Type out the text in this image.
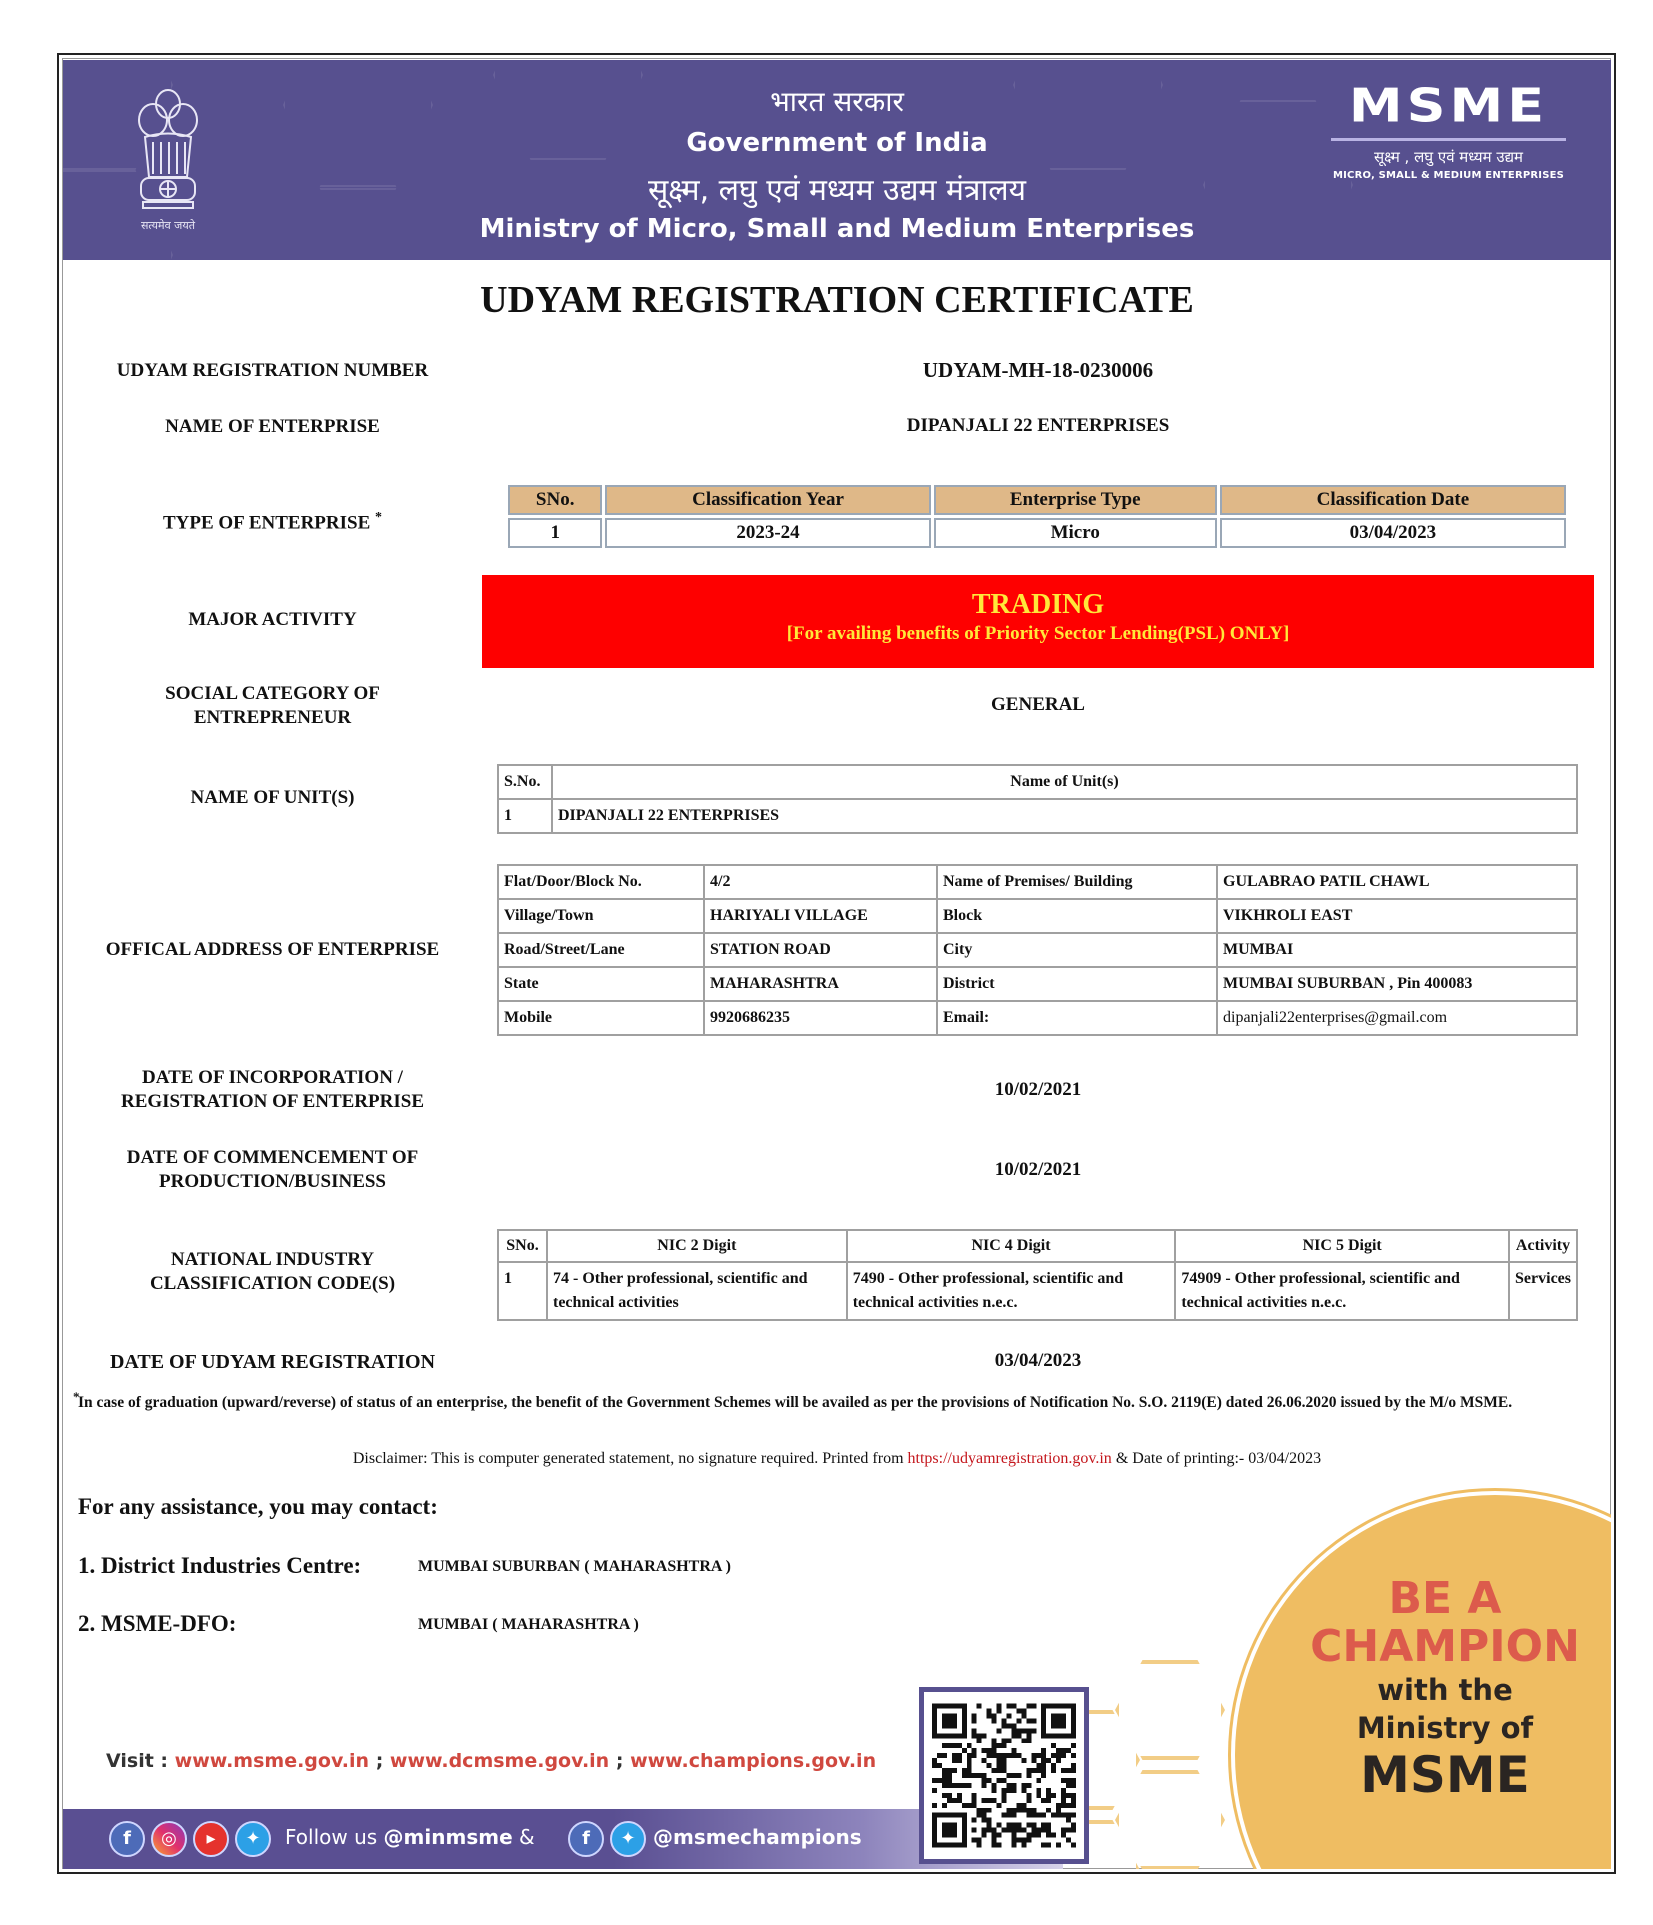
सत्यमेव जयते
भारत सरकार
Government of India
सूक्ष्म, लघु एवं मध्यम उद्यम मंत्रालय
Ministry of Micro, Small and Medium Enterprises
MSME
सूक्ष्म , लघु एवं मध्यम उद्यम
MICRO, SMALL & MEDIUM ENTERPRISES
UDYAM REGISTRATION CERTIFICATE
UDYAM REGISTRATION NUMBER	UDYAM-MH-18-0230006
NAME OF ENTERPRISE	DIPANJALI 22 ENTERPRISES
TYPE OF ENTERPRISE *
SNo.	Classification Year	Enterprise Type	Classification Date
1	2023-24	Micro	03/04/2023
MAJOR ACTIVITY	TRADING
[For availing benefits of Priority Sector Lending(PSL) ONLY]
SOCIAL CATEGORY OF
ENTREPRENEUR
GENERAL
NAME OF UNIT(S)
S.No.	Name of Unit(s)
1	DIPANJALI 22 ENTERPRISES
OFFICAL ADDRESS OF ENTERPRISE
Flat/Door/Block No.	4/2	Name of Premises/ Building	GULABRAO PATIL CHAWL
Village/Town	HARIYALI VILLAGE	Block	VIKHROLI EAST
Road/Street/Lane	STATION ROAD	City	MUMBAI
State	MAHARASHTRA	District	MUMBAI SUBURBAN , Pin 400083
Mobile	9920686235	Email:	dipanjali22enterprises@gmail.com
DATE OF INCORPORATION /
REGISTRATION OF ENTERPRISE
10/02/2021
DATE OF COMMENCEMENT OF
PRODUCTION/BUSINESS
10/02/2021
NATIONAL INDUSTRY
CLASSIFICATION CODE(S)
SNo.	NIC 2 Digit	NIC 4 Digit	NIC 5 Digit	Activity
1	74 - Other professional, scientific and technical activities	7490 - Other professional, scientific and technical activities n.e.c.	74909 - Other professional, scientific and technical activities n.e.c.	Services
DATE OF UDYAM REGISTRATION	03/04/2023
*
In case of graduation (upward/reverse) of status of an enterprise, the benefit of the Government Schemes will be availed as per the provisions of Notification No. S.O. 2119(E) dated 26.06.2020 issued by the M/o MSME.
Disclaimer: This is computer generated statement, no signature required. Printed from https://udyamregistration.gov.in & Date of printing:- 03/04/2023
BE A
CHAMPION
with the
Ministry of
MSME
For any assistance, you may contact:
1. District Industries Centre:	MUMBAI SUBURBAN ( MAHARASHTRA )
2. MSME-DFO:	MUMBAI ( MAHARASHTRA )
Visit : www.msme.gov.in ; www.dcmsme.gov.in ; www.champions.gov.in
f	◎	▸	✦	Follow us @minmsme &	f	✦ @msmechampions
